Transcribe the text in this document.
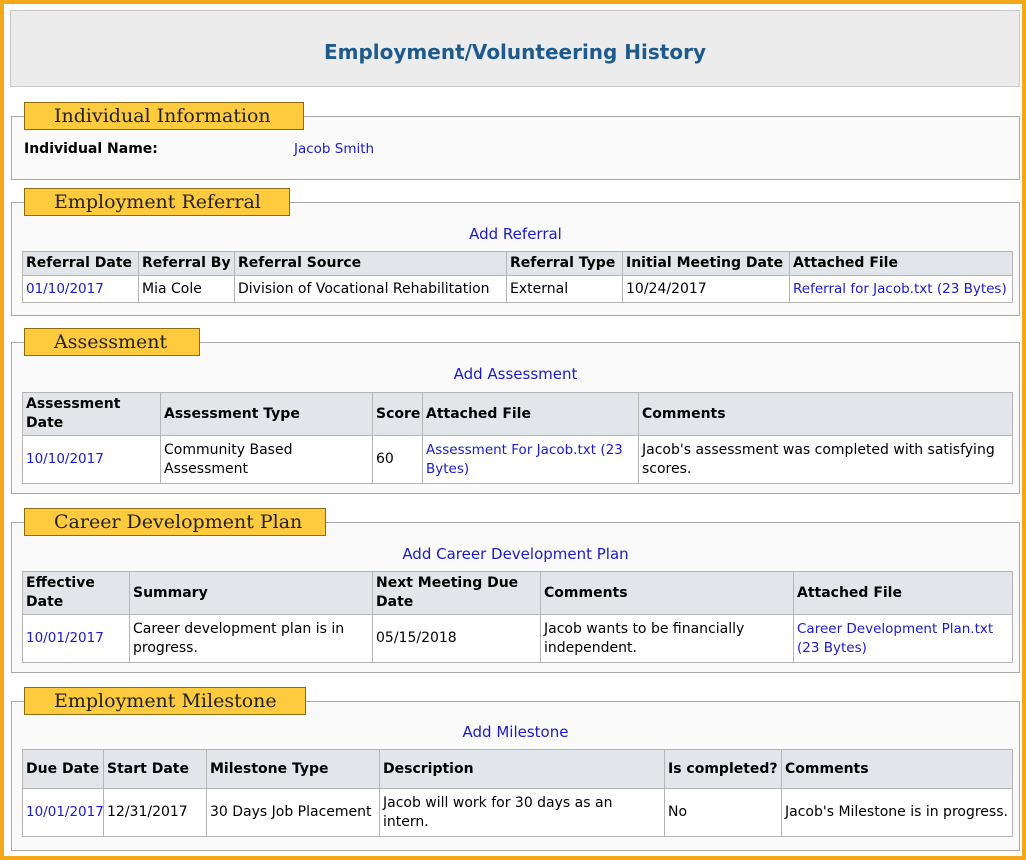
Employment/Volunteering History
Individual Information
Individual Name:	Jacob Smith
Employment Referral
Add Referral
Referral Date	Referral By	Referral Source	Referral Type	Initial Meeting Date	Attached File
01/10/2017	Mia Cole	Division of Vocational Rehabilitation	External	10/24/2017	Referral for Jacob.txt (23 Bytes)
Assessment
Add Assessment
Assessment Date	Assessment Type	Score	Attached File	Comments
10/10/2017	Community Based Assessment	60	Assessment For Jacob.txt (23 Bytes)	Jacob's assessment was completed with satisfying scores.
Career Development Plan
Add Career Development Plan
Effective Date	Summary	Next Meeting Due Date	Comments	Attached File
10/01/2017	Career development plan is in progress.	05/15/2018	Jacob wants to be financially independent.	Career Development Plan.txt (23 Bytes)
Employment Milestone
Add Milestone
Due Date	Start Date	Milestone Type	Description	Is completed?	Comments
10/01/2017	12/31/2017	30 Days Job Placement	Jacob will work for 30 days as an intern.	No	Jacob's Milestone is in progress.
